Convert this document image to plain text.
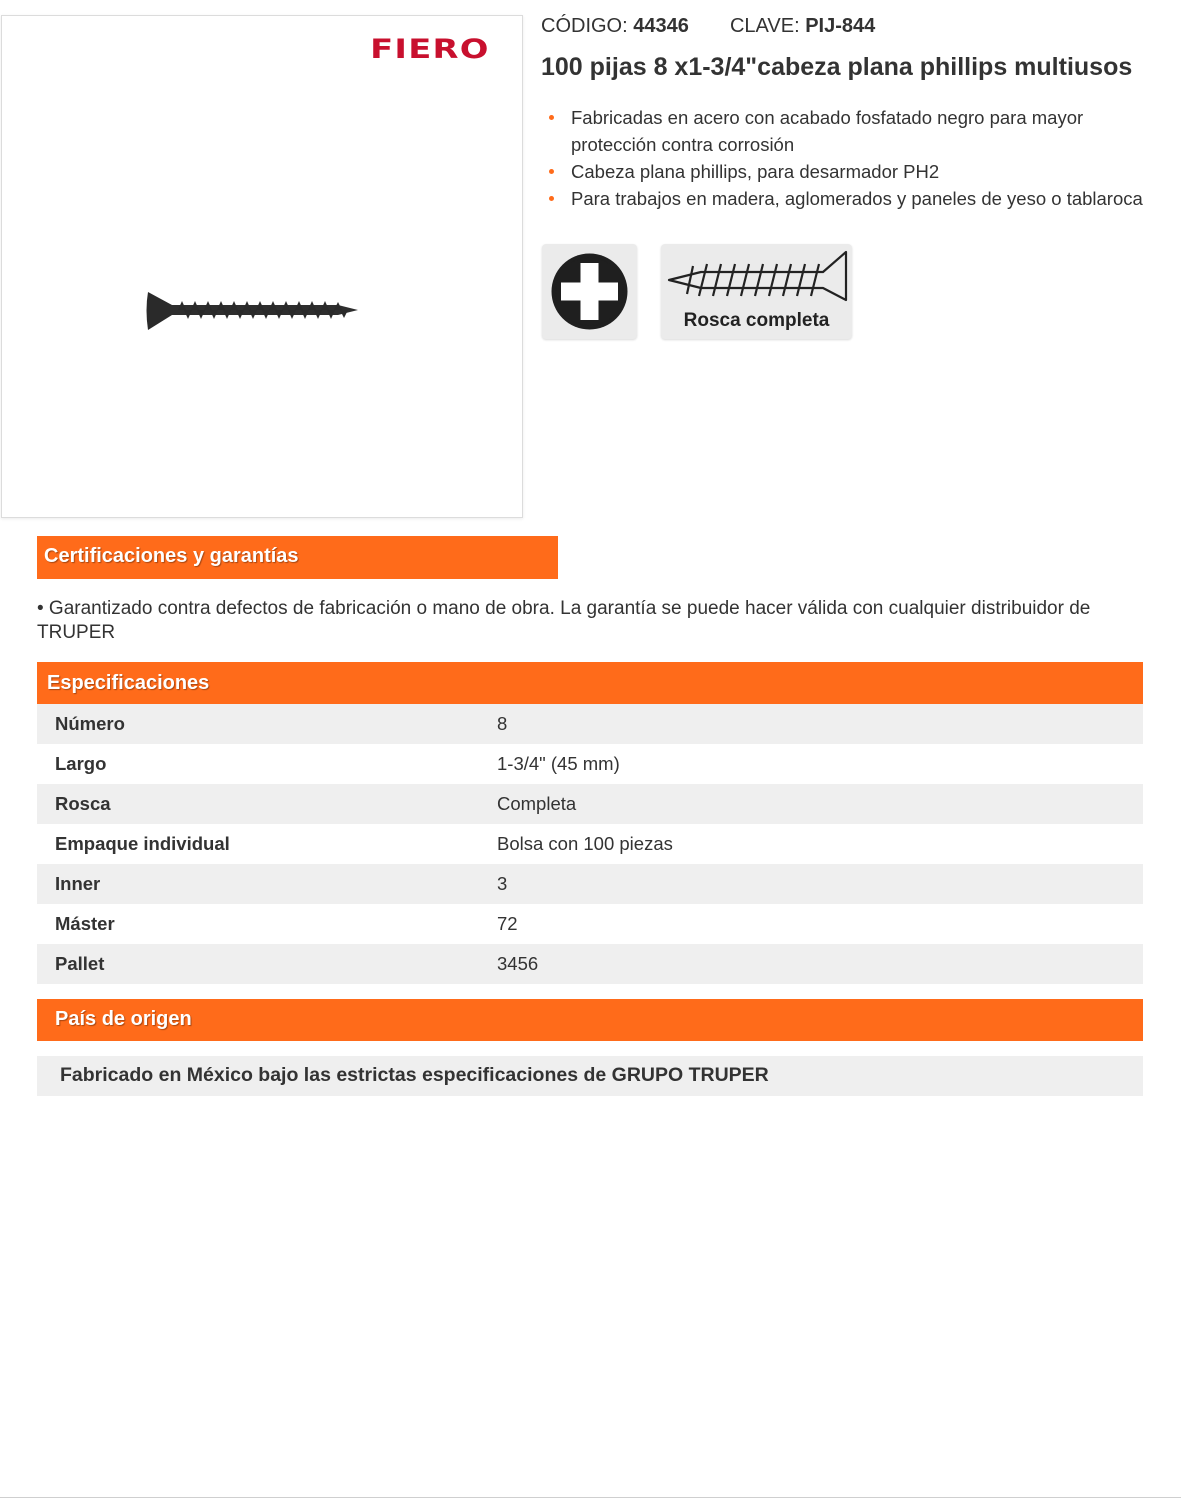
FIERO
CÓDIGO: 44346 CLAVE: PIJ-844
100 pijas 8 x1-3/4"cabeza plana phillips multiusos
Fabricadas en acero con acabado fosfatado negro para mayor protección contra corrosión
Cabeza plana phillips, para desarmador PH2
Para trabajos en madera, aglomerados y paneles de yeso o tablaroca
Rosca completa
Certificaciones y garantías
• Garantizado contra defectos de fabricación o mano de obra. La garantía se puede hacer válida con cualquier distribuidor de TRUPER
Especificaciones
Número	8
Largo	1-3/4" (45 mm)
Rosca	Completa
Empaque individual	Bolsa con 100 piezas
Inner	3
Máster	72
Pallet	3456
País de origen
Fabricado en México bajo las estrictas especificaciones de GRUPO TRUPER
